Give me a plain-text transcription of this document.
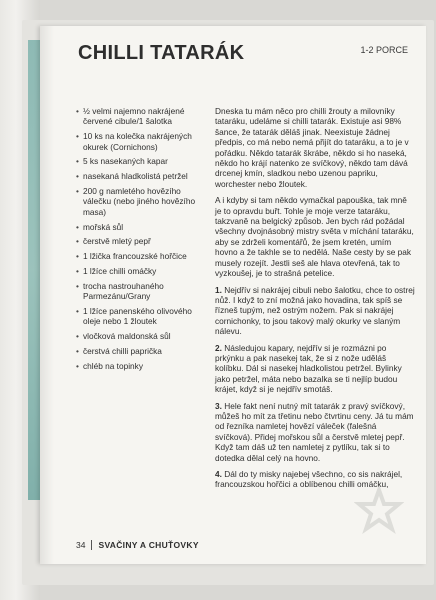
CHILLI TATARÁK	1-2 PORCE
• ½ velmi najemno nakrájené červené cibule/1 šalotka
• 10 ks na kolečka nakrájených okurek (Cornichons)
• 5 ks nasekaných kapar
• nasekaná hladkolistá petržel
• 200 g namletého hovězího válečku (nebo jiného hovězího masa)
• mořská sůl
• čerstvě mletý pepř
• 1 lžička francouzské hořčice
• 1 lžíce chilli omáčky
• trocha nastrouhaného Parmezánu/Grany
• 1 lžíce panenského olivového oleje nebo 1 žloutek
• vločková maldonská sůl
• čerstvá chilli paprička
• chléb na topinky

Dneska tu mám něco pro chilli žrouty a milovníky tataráku, udeláme si chilli tatarák. Existuje asi 98% šance, že tatarák děláš jinak. Neexistuje žádnej předpis, co má nebo nemá přijít do tataráku, a to je v pořádku. Někdo tatarák škrábe, někdo si ho naseká, někdo ho krájí natenko ze svíčkový, někdo tam dává drcenej kmín, sladkou nebo uzenou papriku, worchester nebo žloutek.

A i kdyby si tam někdo vymačkal papouška, tak mně je to opravdu buřt. Tohle je moje verze tataráku, takzvaně na belgický způsob. Jen bych rád požádal všechny dvojnásobný mistry světa v míchání tataráku, aby se zdrželi komentářů, že jsem kretén, umím hovno a že takhle se to nedělá. Naše cesty by se pak musely rozejít. Jestli seš ale hlava otevřená, tak to vyzkoušej, je to strašná petelice.

1. Nejdřív si nakrájej cibuli nebo šalotku, chce to ostrej nůž. I když to zní možná jako hovadina, tak spíš se řízneš tupým, než ostrým nožem. Pak si nakrájej cornichonky, to jsou takový malý okurky ve slaným nálevu.

2. Následujou kapary, nejdřív si je rozmázni po prkýnku a pak nasekej tak, že si z nože uděláš kolíbku. Dál si nasekej hladkolistou petržel. Bylinky jako petržel, máta nebo bazalka se ti nejlíp budou krájet, když si je nejdřív smotáš.

3. Hele fakt není nutný mít tatarák z pravý svíčkový, můžeš ho mít za třetinu nebo čtvrtinu ceny. Já tu mám od řezníka namletej hovězí váleček (falešná svíčková). Přidej mořskou sůl a čerstvě mletej pepř. Když tam dáš už ten namletej z pytlíku, tak si to dotedka dělal celý na hovno.

4. Dál do ty misky najebej všechno, co sis nakrájel, francouzskou hořčici a oblíbenou chilli omáčku,

34 SVAČINY A CHUŤOVKY
